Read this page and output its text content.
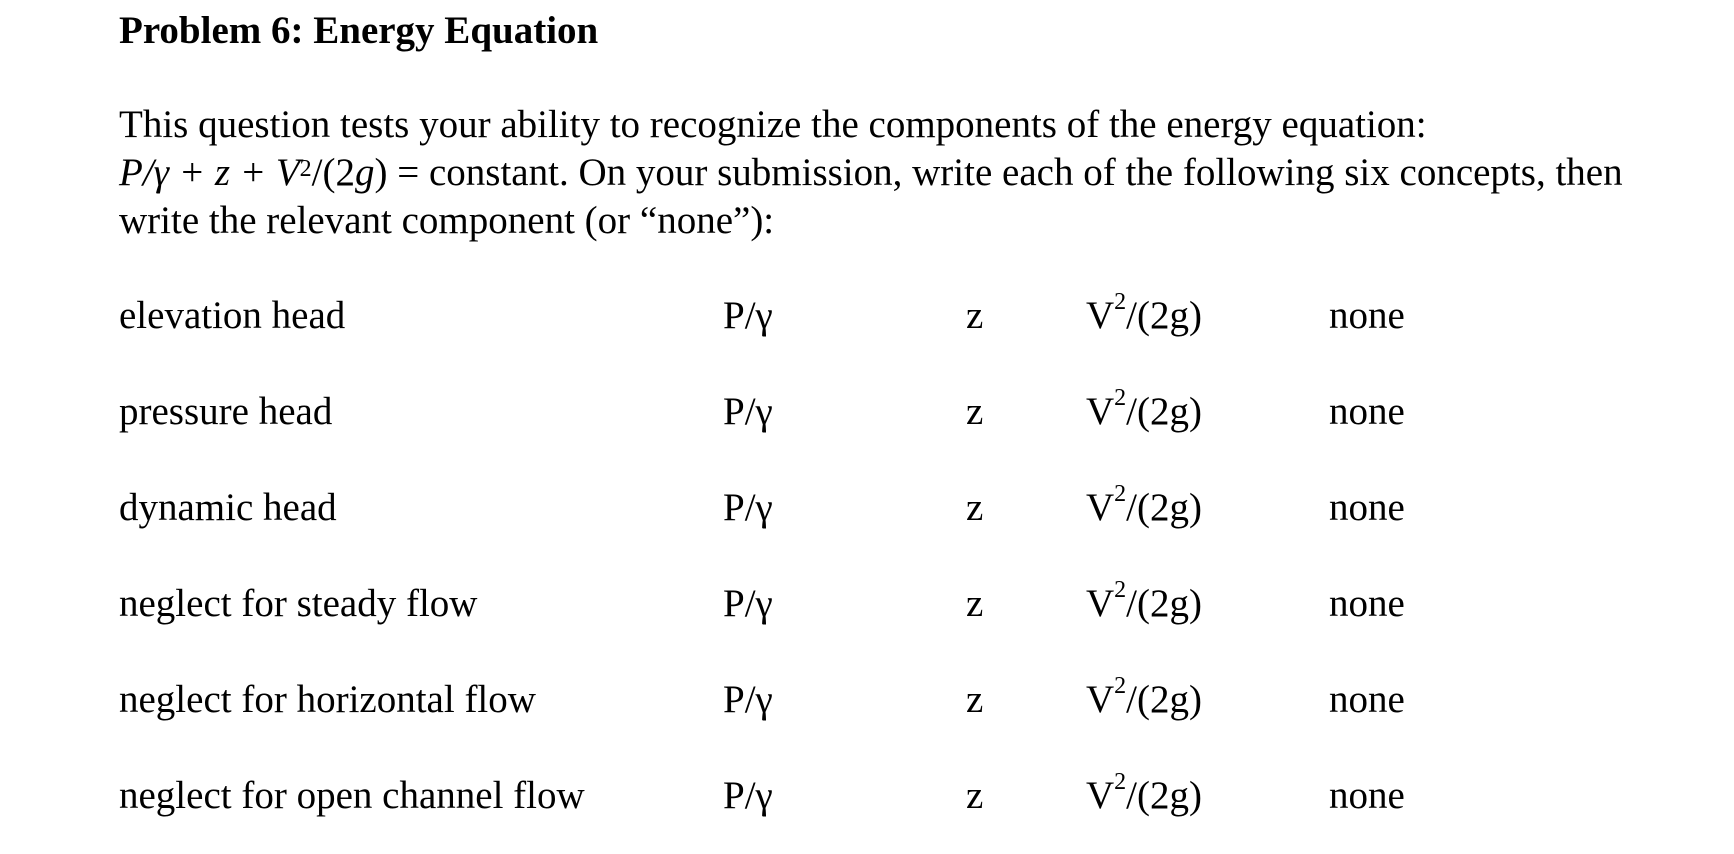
Problem 6: Energy Equation
This question tests your ability to recognize the components of the energy equation:
$P/\gamma + z + V^2/(2g)$ = constant. On your submission, write each of the following six concepts, then
write the relevant component (or “none”):
elevation head	P/γ	z	$V^2/(2g)$	none
pressure head	P/γ	z	$V^2/(2g)$	none
dynamic head	P/γ	z	$V^2/(2g)$	none
neglect for steady flow	P/γ	z	$V^2/(2g)$	none
neglect for horizontal flow	P/γ	z	$V^2/(2g)$	none
neglect for open channel flow	P/γ	z	$V^2/(2g)$	none
